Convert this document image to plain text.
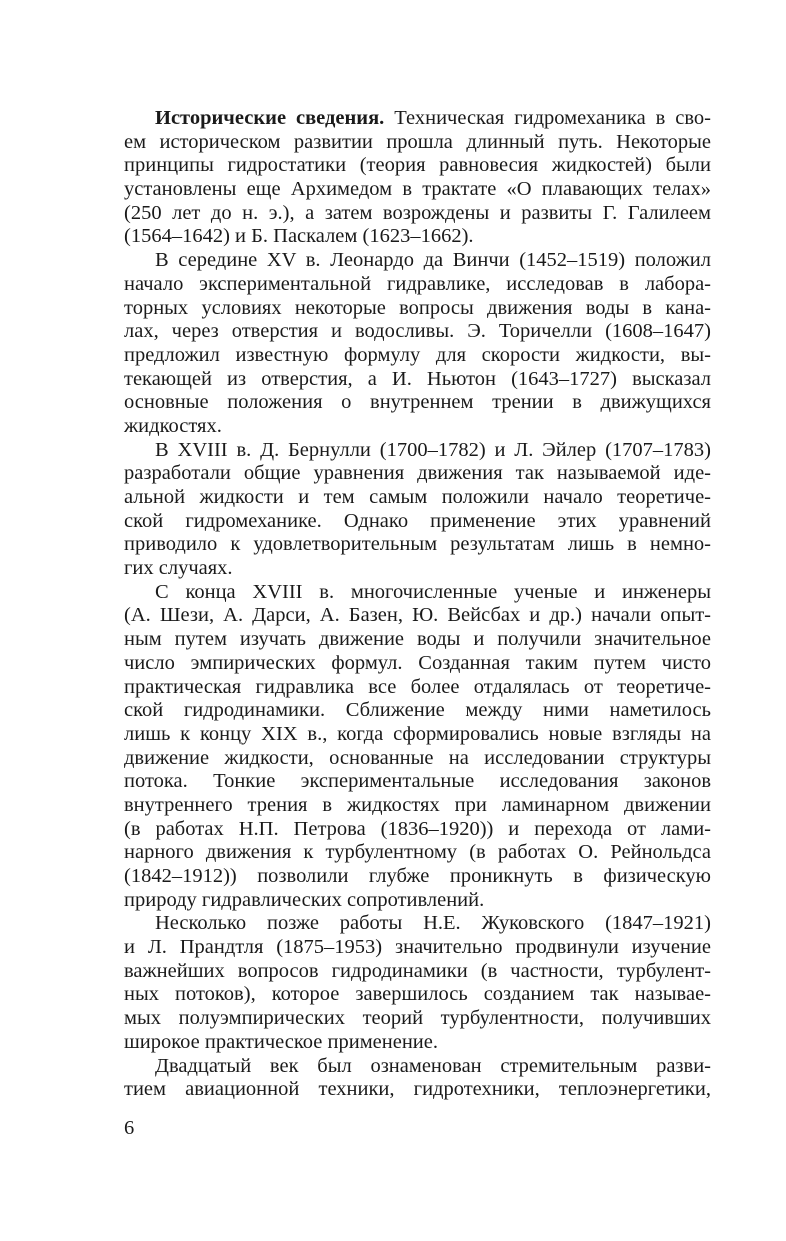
Исторические сведения. Техническая гидромеханика в сво-
ем историческом развитии прошла длинный путь. Некоторые
принципы гидростатики (теория равновесия жидкостей) были
установлены еще Архимедом в трактате «О плавающих телах»
(250 лет до н. э.), а затем возрождены и развиты Г. Галилеем
(1564–1642) и Б. Паскалем (1623–1662).
В середине XV в. Леонардо да Винчи (1452–1519) положил
начало экспериментальной гидравлике, исследовав в лабора-
торных условиях некоторые вопросы движения воды в кана-
лах, через отверстия и водосливы. Э. Торичелли (1608–1647)
предложил известную формулу для скорости жидкости, вы-
текающей из отверстия, а И. Ньютон (1643–1727) высказал
основные положения о внутреннем трении в движущихся
жидкостях.
В XVIII в. Д. Бернулли (1700–1782) и Л. Эйлер (1707–1783)
разработали общие уравнения движения так называемой иде-
альной жидкости и тем самым положили начало теоретиче-
ской гидромеханике. Однако применение этих уравнений
приводило к удовлетворительным результатам лишь в немно-
гих случаях.
С конца XVIII в. многочисленные ученые и инженеры
(А. Шези, А. Дарси, А. Базен, Ю. Вейсбах и др.) начали опыт-
ным путем изучать движение воды и получили значительное
число эмпирических формул. Созданная таким путем чисто
практическая гидравлика все более отдалялась от теоретиче-
ской гидродинамики. Сближение между ними наметилось
лишь к концу XIX в., когда сформировались новые взгляды на
движение жидкости, основанные на исследовании структуры
потока. Тонкие экспериментальные исследования законов
внутреннего трения в жидкостях при ламинарном движении
(в работах Н.П. Петрова (1836–1920)) и перехода от лами-
нарного движения к турбулентному (в работах О. Рейнольдса
(1842–1912)) позволили глубже проникнуть в физическую
природу гидравлических сопротивлений.
Несколько позже работы Н.Е. Жуковского (1847–1921)
и Л. Прандтля (1875–1953) значительно продвинули изучение
важнейших вопросов гидродинамики (в частности, турбулент-
ных потоков), которое завершилось созданием так называе-
мых полуэмпирических теорий турбулентности, получивших
широкое практическое применение.
Двадцатый век был ознаменован стремительным разви-
тием авиационной техники, гидротехники, теплоэнергетики,
6
